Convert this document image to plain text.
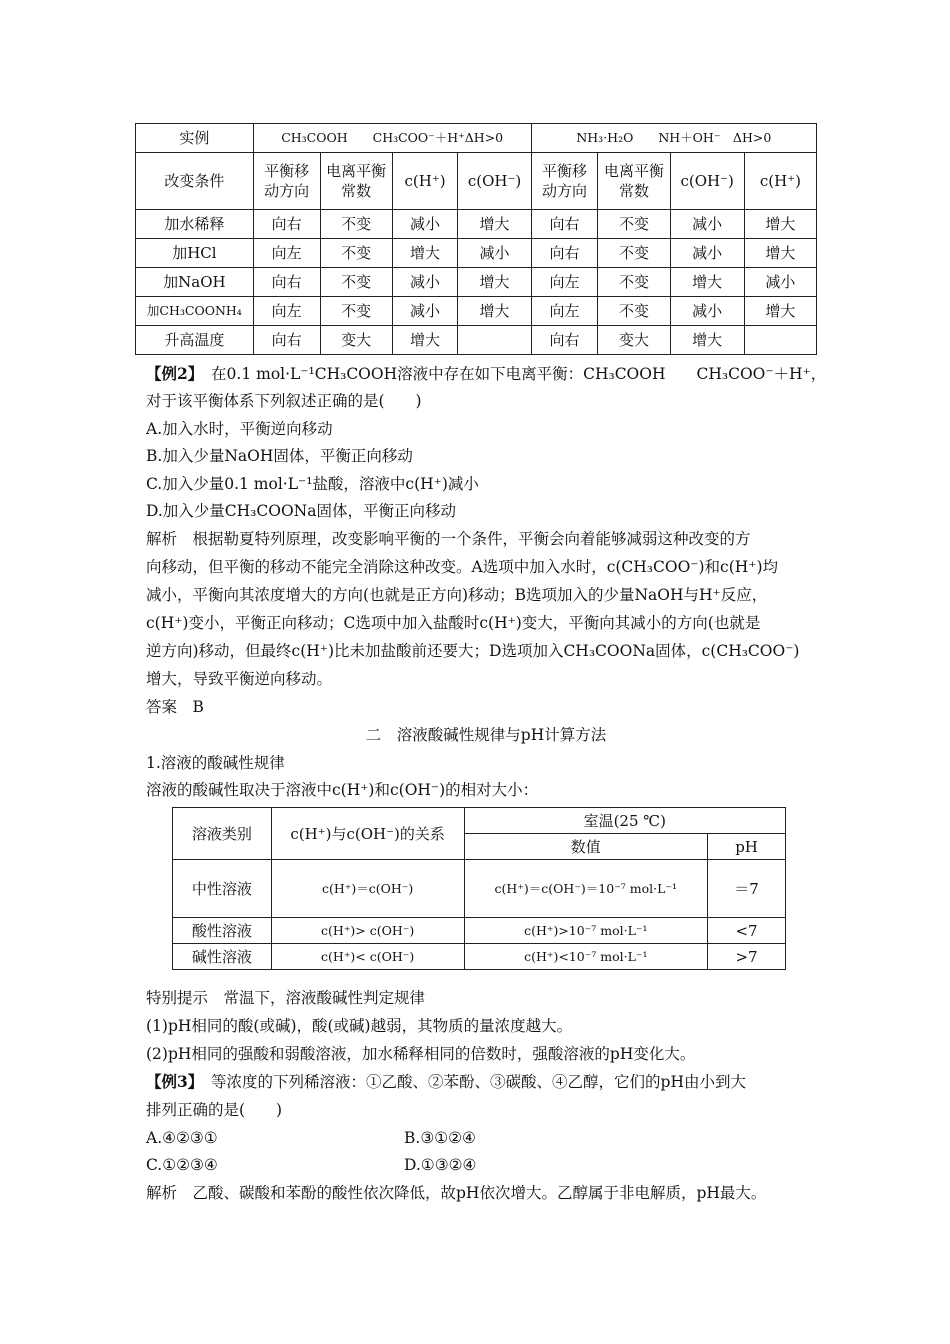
实例	CH₃COOH　　CH₃COO⁻＋H⁺ΔH>0				NH₃·H₂O　　NH＋OH⁻　ΔH>0			
改变条件	平衡移动方向	电离平衡常数	c(H⁺)	c(OH⁻)	平衡移动方向	电离平衡常数	c(OH⁻)	c(H⁺)
加水稀释	向右	不变	减小	增大	向右	不变	减小	增大
加HCl	向左	不变	增大	减小	向右	不变	减小	增大
加NaOH	向右	不变	减小	增大	向左	不变	增大	减小
加CH₃COONH₄	向左	不变	减小	增大	向左	不变	减小	增大
升高温度	向右	变大	增大		向右	变大	增大	
【例2】　在0.1 mol·L⁻¹CH₃COOH溶液中存在如下电离平衡：CH₃COOH　　CH₃COO⁻＋H⁺，
对于该平衡体系下列叙述正确的是(　　)
A.加入水时，平衡逆向移动
B.加入少量NaOH固体，平衡正向移动
C.加入少量0.1 mol·L⁻¹盐酸，溶液中c(H⁺)减小
D.加入少量CH₃COONa固体，平衡正向移动
解析　根据勒夏特列原理，改变影响平衡的一个条件，平衡会向着能够减弱这种改变的方
向移动，但平衡的移动不能完全消除这种改变。A选项中加入水时，c(CH₃COO⁻)和c(H⁺)均
减小，平衡向其浓度增大的方向(也就是正方向)移动；B选项加入的少量NaOH与H⁺反应，
c(H⁺)变小，平衡正向移动；C选项中加入盐酸时c(H⁺)变大，平衡向其减小的方向(也就是
逆方向)移动，但最终c(H⁺)比未加盐酸前还要大；D选项加入CH₃COONa固体，c(CH₃COO⁻)
增大，导致平衡逆向移动。
答案　B
二　溶液酸碱性规律与pH计算方法
1.溶液的酸碱性规律
溶液的酸碱性取决于溶液中c(H⁺)和c(OH⁻)的相对大小：
溶液类别	c(H⁺)与c(OH⁻)的关系	室温(25 ℃)	
		数值	pH
中性溶液	c(H⁺)＝c(OH⁻)	c(H⁺)＝c(OH⁻)＝10⁻⁷ mol·L⁻¹	＝7
酸性溶液	c(H⁺)> c(OH⁻)	c(H⁺)>10⁻⁷ mol·L⁻¹	<7
碱性溶液	c(H⁺)< c(OH⁻)	c(H⁺)<10⁻⁷ mol·L⁻¹	>7
特别提示　常温下，溶液酸碱性判定规律
(1)pH相同的酸(或碱)，酸(或碱)越弱，其物质的量浓度越大。
(2)pH相同的强酸和弱酸溶液，加水稀释相同的倍数时，强酸溶液的pH变化大。
【例3】　等浓度的下列稀溶液：①乙酸、②苯酚、③碳酸、④乙醇，它们的pH由小到大
排列正确的是(　　)
A.④②③①	B.③①②④
C.①②③④	D.①③②④
解析　乙酸、碳酸和苯酚的酸性依次降低，故pH依次增大。乙醇属于非电解质，pH最大。
